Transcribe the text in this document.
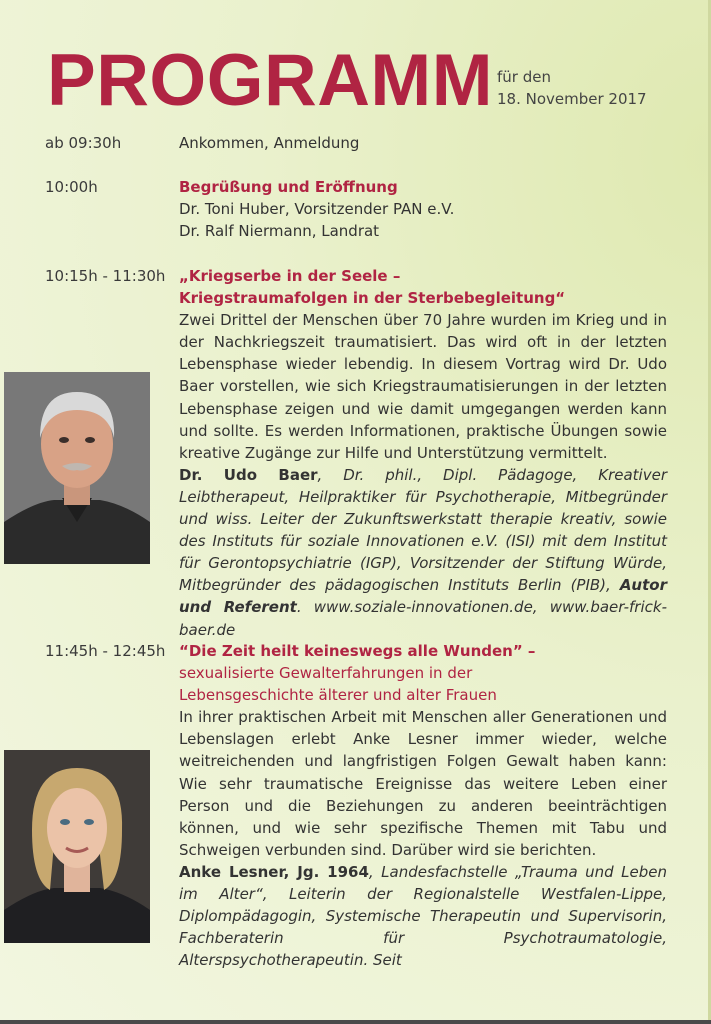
PROGRAMM für den
18. November 2017
ab 09:30h	Ankommen, Anmeldung
10:00h	Begrüßung und Eröffnung
Dr. Toni Huber, Vorsitzender PAN e.V.
Dr. Ralf Niermann, Landrat
10:15h - 11:30h „Kriegserbe in der Seele –
Kriegstraumafolgen in der Sterbebegleitung“
Zwei Drittel der Menschen über 70 Jahre wurden im Krieg und in der Nachkriegszeit traumatisiert. Das wird oft in der letzten Lebensphase wieder lebendig. In diesem Vortrag wird Dr. Udo Baer vorstellen, wie sich Kriegstraumatisierungen in der letzten Lebensphase zeigen und wie damit umgegangen werden kann und sollte. Es werden Informationen, praktische Übungen sowie kreative Zugänge zur Hilfe und Unterstützung vermittelt.
Dr. Udo Baer, Dr. phil., Dipl. Pädagoge, Kreativer Leibtherapeut, Heilpraktiker für Psychotherapie, Mitbegründer und wiss. Leiter der Zukunftswerkstatt therapie kreativ, sowie des Instituts für soziale Innovationen e.V. (ISI) mit dem Institut für Gerontopsychiatrie (IGP), Vorsitzender der Stiftung Würde, Mitbegründer des pädagogischen Instituts Berlin (PIB), Autor und Referent. www.soziale-innovationen.de, www.baer-frick-baer.de
11:45h - 12:45h “Die Zeit heilt keineswegs alle Wunden” –
sexualisierte Gewalterfahrungen in der
Lebensgeschichte älterer und alter Frauen
In ihrer praktischen Arbeit mit Menschen aller Generationen und Lebenslagen erlebt Anke Lesner immer wieder, welche weitreichenden und langfristigen Folgen Gewalt haben kann: Wie sehr traumatische Ereignisse das weitere Leben einer Person und die Beziehungen zu anderen beeinträchtigen können, und wie sehr spezifische Themen mit Tabu und Schweigen verbunden sind. Darüber wird sie berichten.
Anke Lesner, Jg. 1964, Landesfachstelle „Trauma und Leben im Alter“, Leiterin der Regionalstelle Westfalen-Lippe, Diplompädagogin, Systemische Therapeutin und Supervisorin, Fachberaterin für Psychotraumatologie, Alterspsychotherapeutin. Seit
